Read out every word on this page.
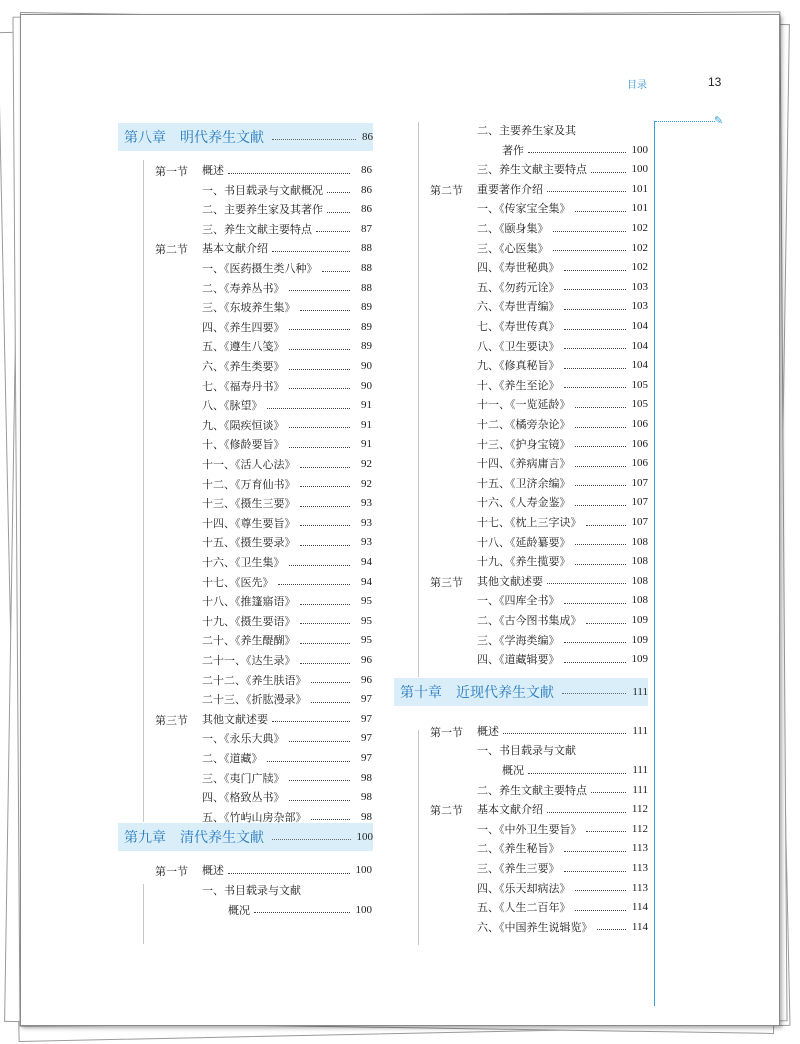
目录	13
✎
第八章　明代养生文献	86
第一节 概述	86
一、书目载录与文献概况	86
二、主要养生家及其著作	86
三、养生文献主要特点	87
第二节 基本文献介绍	88
一、《医药摄生类八种》	88
二、《寿养丛书》	88
三、《东坡养生集》	89
四、《养生四要》	89
五、《遵生八笺》	89
六、《养生类要》	90
七、《福寿丹书》	90
八、《脉望》	91
九、《陨疾恒谈》	91
十、《修龄要旨》	91
十一、《活人心法》	92
十二、《万育仙书》	92
十三、《摄生三要》	93
十四、《尊生要旨》	93
十五、《摄生要录》	93
十六、《卫生集》	94
十七、《医先》	94
十八、《推篷寤语》	95
十九、《摄生要语》	95
二十、《养生醍醐》	95
二十一、《达生录》	96
二十二、《养生肤语》	96
二十三、《折肱漫录》	97
第三节 其他文献述要	97
一、《永乐大典》	97
二、《道藏》	97
三、《夷门广牍》	98
四、《格致丛书》	98
五、《竹屿山房杂部》	98
第九章　清代养生文献	100
第一节 概述	100
一、书目载录与文献
概况	100
二、主要养生家及其
著作	100
三、养生文献主要特点	100
第二节 重要著作介绍	101
一、《传家宝全集》	101
二、《颐身集》	102
三、《心医集》	102
四、《寿世秘典》	102
五、《勿药元诠》	103
六、《寿世青编》	103
七、《寿世传真》	104
八、《卫生要诀》	104
九、《修真秘旨》	104
十、《养生至论》	105
十一、《一览延龄》	105
十二、《橘旁杂论》	106
十三、《护身宝镜》	106
十四、《养病庸言》	106
十五、《卫济余编》	107
十六、《人寿金鉴》	107
十七、《枕上三字诀》	107
十八、《延龄纂要》	108
十九、《养生揽要》	108
第三节 其他文献述要	108
一、《四库全书》	108
二、《古今图书集成》	109
三、《学海类编》	109
四、《道藏辑要》	109
第十章　近现代养生文献	111
第一节 概述	111
一、书目载录与文献
概况	111
二、养生文献主要特点	111
第二节 基本文献介绍	112
一、《中外卫生要旨》	112
二、《养生秘旨》	113
三、《养生三要》	113
四、《乐天却病法》	113
五、《人生二百年》	114
六、《中国养生说辑览》	114
